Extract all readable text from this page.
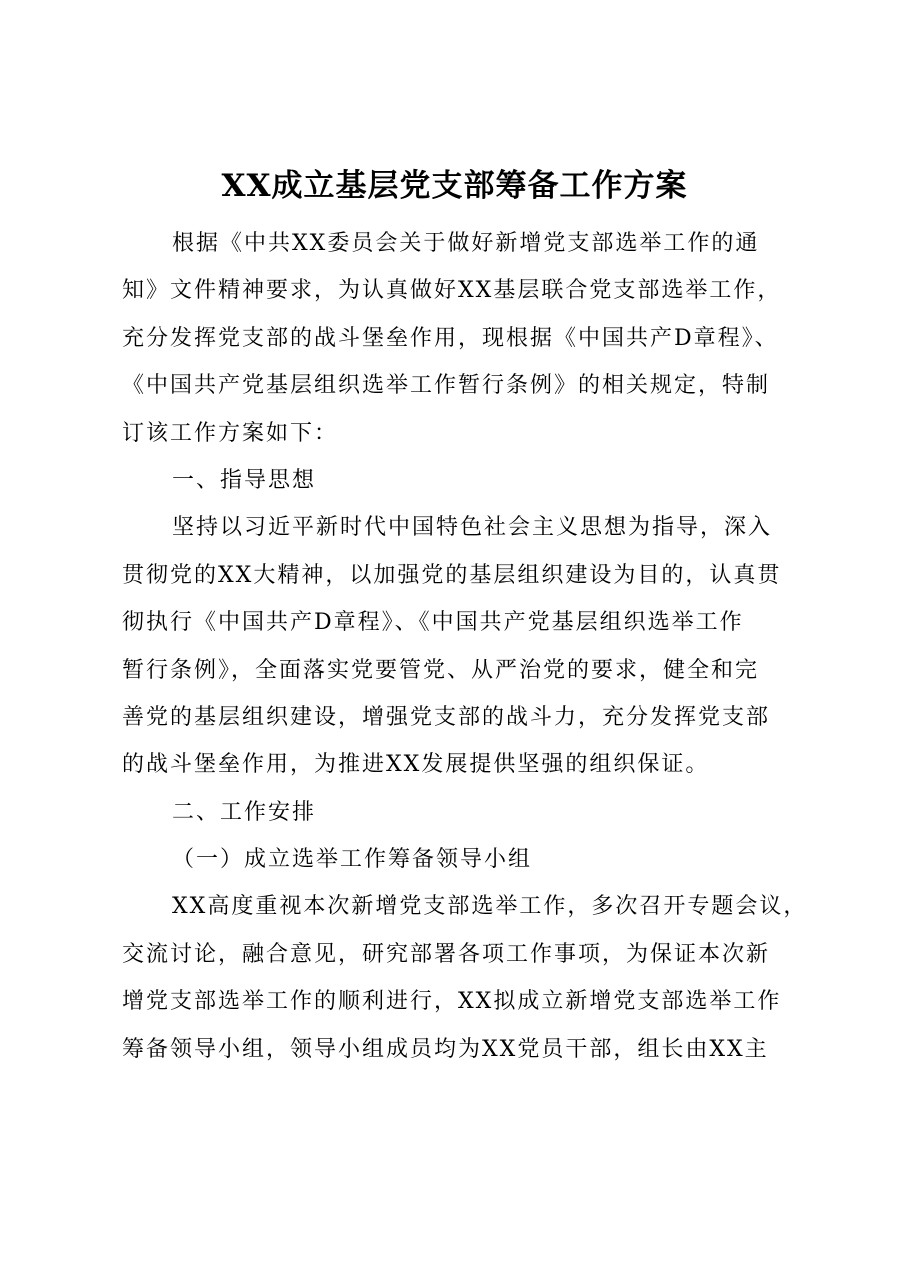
XX成立基层党支部筹备工作方案
根据《中共XX委员会关于做好新增党支部选举工作的通
知》文件精神要求，为认真做好XX基层联合党支部选举工作，
充分发挥党支部的战斗堡垒作用，现根据《中国共产D章程》、
《中国共产党基层组织选举工作暂行条例》的相关规定，特制
订该工作方案如下：
一、指导思想
坚持以习近平新时代中国特色社会主义思想为指导，深入
贯彻党的XX大精神，以加强党的基层组织建设为目的，认真贯
彻执行《中国共产D章程》、《中国共产党基层组织选举工作
暂行条例》，全面落实党要管党、从严治党的要求，健全和完
善党的基层组织建设，增强党支部的战斗力，充分发挥党支部
的战斗堡垒作用，为推进XX发展提供坚强的组织保证。
二、工作安排
（一）成立选举工作筹备领导小组
XX高度重视本次新增党支部选举工作，多次召开专题会议，
交流讨论，融合意见，研究部署各项工作事项，为保证本次新
增党支部选举工作的顺利进行，XX拟成立新增党支部选举工作
筹备领导小组，领导小组成员均为XX党员干部，组长由XX主
